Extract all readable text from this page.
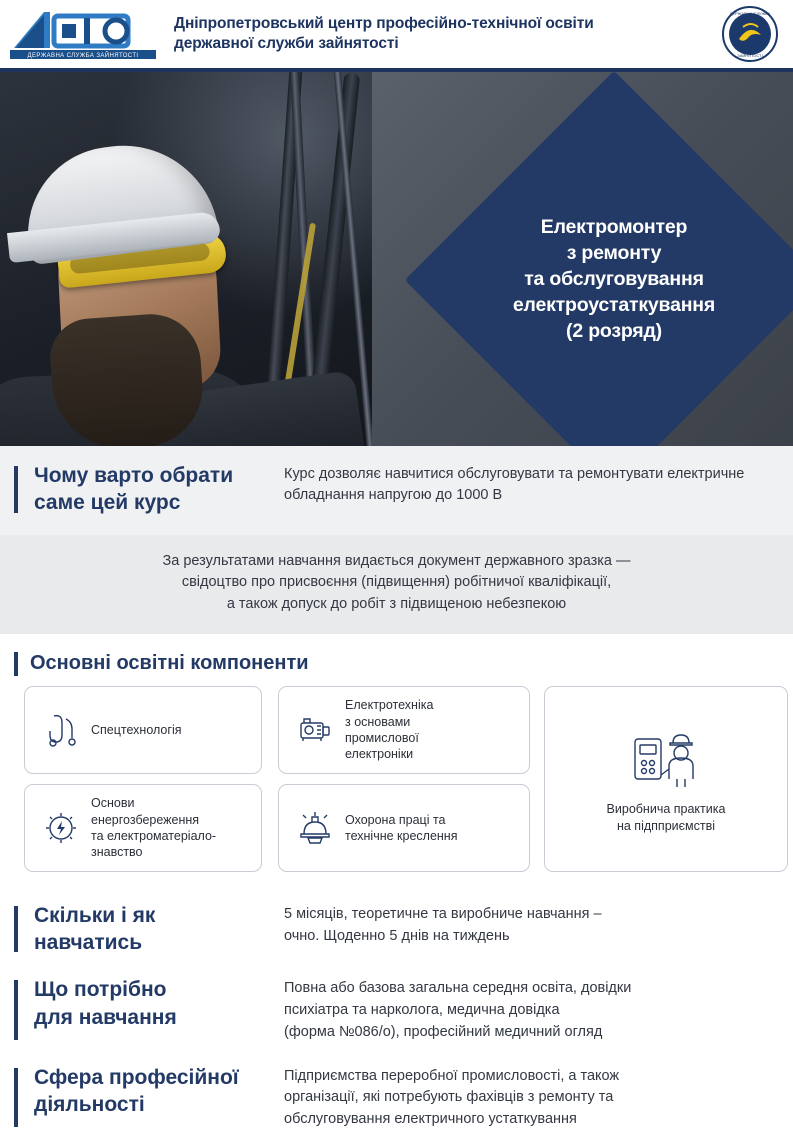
ДЕРЖАВНА СЛУЖБА ЗАЙНЯТОСТІ
Дніпропетровський центр професійно-технічної освіти
державної служби зайнятості
ДЕРЖАВНА СЛУЖБА
ЗАЙНЯТОСТІ
Електромонтер
з ремонту
та обслуговування
електроустаткування
(2 розряд)
Чому варто обрати
саме цей курс
Курс дозволяє навчитися обслуговувати та ремонтувати електричне обладнання напругою до 1000 В
За результатами навчання видається документ державного зразка —
свідоцтво про присвоєння (підвищення) робітничої кваліфікації,
а також допуск до робіт з підвищеною небезпекою
Основні освітні компоненти
Спецтехнологія
Електротехніка
з основами
промислової
електроніки
Основи
енергозбереження
та електроматеріало-
знавство
Охорона праці та
технічне креслення
Виробнича практика
на підпприємстві
Скільки і як
навчатись
5 місяців, теоретичне та виробниче навчання –
очно. Щоденно 5 днів на тиждень
Що потрібно
для навчання
Повна або базова загальна середня освіта, довідки
психіатра та нарколога, медична довідка
(форма №086/о), професійний медичний огляд
Сфера професійної
діяльності
Підприємства переробної промисловості, а також
організації, які потребують фахівців з ремонту та
обслуговування електричного устаткування
